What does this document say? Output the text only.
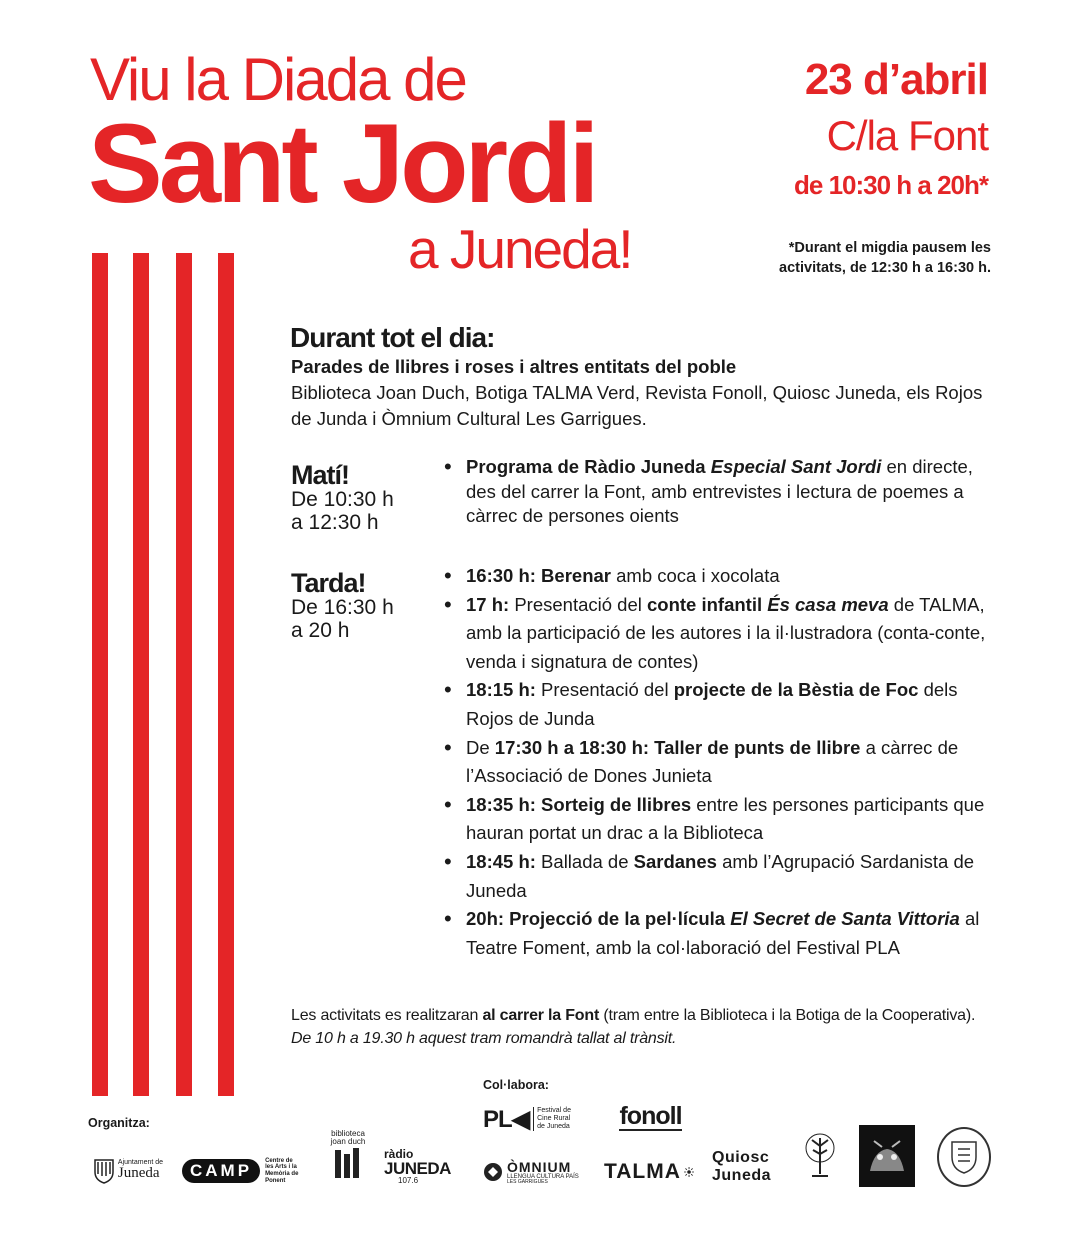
Viu la Diada de
Sant Jordi
a Juneda!
23 d’abril
C/la Font
de 10:30 h a 20h*
*Durant el migdia pausem les activitats, de 12:30 h a 16:30 h.
Durant tot el dia:
Parades de llibres i roses i altres entitats del poble
Biblioteca Joan Duch, Botiga TALMA Verd, Revista Fonoll, Quiosc Juneda, els Rojos de Junda i Òmnium Cultural Les Garrigues.
Matí!
De 10:30 h
a 12:30 h
• Programa de Ràdio Juneda Especial Sant Jordi en directe, des del carrer la Font, amb entrevistes i lectura de poemes a càrrec de persones oients
Tarda!
De 16:30 h
a 20 h
• 16:30 h: Berenar amb coca i xocolata
• 17 h: Presentació del conte infantil És casa meva de TALMA, amb la participació de les autores i la il·lustradora (conta-conte, venda i signatura de contes)
• 18:15 h: Presentació del projecte de la Bèstia de Foc dels Rojos de Junda
• De 17:30 h a 18:30 h: Taller de punts de llibre a càrrec de l’Associació de Dones Junieta
• 18:35 h: Sorteig de llibres entre les persones participants que hauran portat un drac a la Biblioteca
• 18:45 h: Ballada de Sardanes amb l’Agrupació Sardanista de Juneda
• 20h: Projecció de la pel·lícula El Secret de Santa Vittoria al Teatre Foment, amb la col·laboració del Festival PLA
Les activitats es realitzaran al carrer la Font (tram entre la Biblioteca i la Botiga de la Cooperativa). De 10 h a 19.30 h aquest tram romandrà tallat al trànsit.
Organitza:
Col·labora:
Ajuntament de
Juneda	CAMP
Centre de les Arts i la Memòria de Ponent
biblioteca joan duch
ràdio
JUNEDA
107.6
PL◀	Festival de Cine Rural de Juneda fonoll
ÒMNIUM
LLENGUA CULTURA PAÍS
LES GARRIGUES	TALMA
Quiosc
Juneda
